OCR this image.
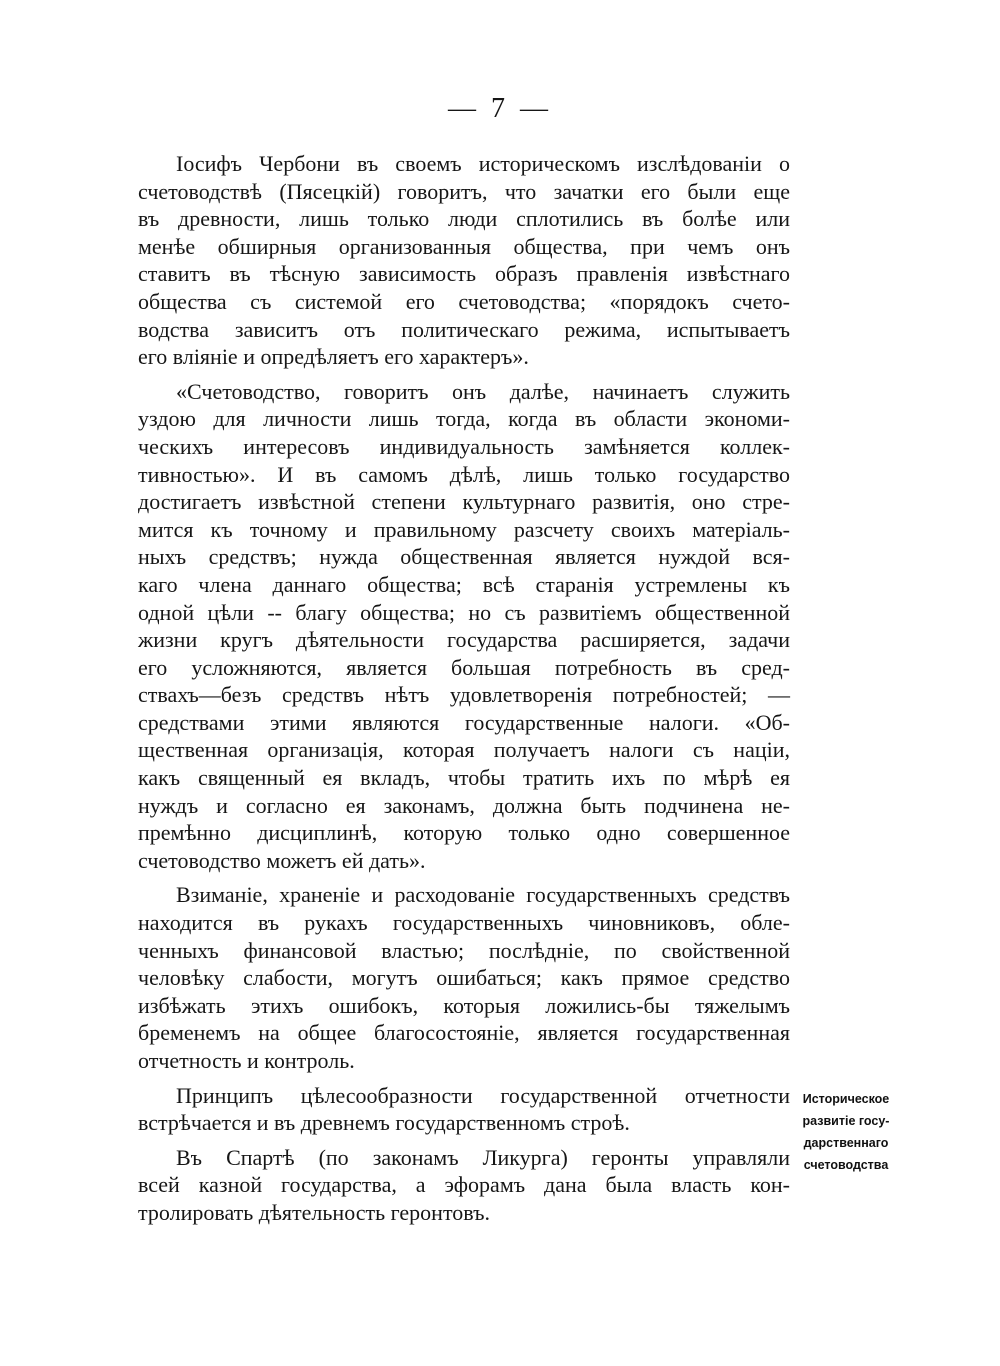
— 7 —
Іосифъ Чербони въ своемъ историческомъ изслѣдованіи о
счетоводствѣ (Пясецкій) говоритъ, что зачатки его были еще
въ древности, лишь только люди сплотились въ болѣе или
менѣе обширныя организованныя общества, при чемъ онъ
ставитъ въ тѣсную зависимость образъ правленія извѣстнаго
общества съ системой его счетоводства; «порядокъ счето-
водства зависитъ отъ политическаго режима, испытываетъ
его вліяніе и опредѣляетъ его характеръ».
«Счетоводство, говоритъ онъ далѣе, начинаетъ служить
уздою для личности лишь тогда, когда въ области экономи-
ческихъ интересовъ индивидуальность замѣняется коллек-
тивностью». И въ самомъ дѣлѣ, лишь только государство
достигаетъ извѣстной степени культурнаго развитія, оно стре-
мится къ точному и правильному разсчету своихъ матеріаль-
ныхъ средствъ; нужда общественная является нуждой вся-
каго члена даннаго общества; всѣ старанія устремлены къ
одной цѣли -- благу общества; но съ развитіемъ общественной
жизни кругъ дѣятельности государства расширяется, задачи
его усложняются, является большая потребность въ сред-
ствахъ—безъ средствъ нѣтъ удовлетворенія потребностей; —
средствами этими являются государственные налоги. «Об-
щественная организація, которая получаетъ налоги съ націи,
какъ священный ея вкладъ, чтобы тратить ихъ по мѣрѣ ея
нуждъ и согласно ея законамъ, должна быть подчинена не-
премѣнно дисциплинѣ, которую только одно совершенное
счетоводство можетъ ей дать».
Взиманіе, храненіе и расходованіе государственныхъ средствъ
находится въ рукахъ государственныхъ чиновниковъ, обле-
ченныхъ финансовой властью; послѣдніе, по свойственной
человѣку слабости, могутъ ошибаться; какъ прямое средство
избѣжать этихъ ошибокъ, которыя ложились-бы тяжелымъ
бременемъ на общее благосостояніе, является государственная
отчетность и контроль.
Принципъ цѣлесообразности государственной отчетности
встрѣчается и въ древнемъ государственномъ строѣ.
Въ Спартѣ (по законамъ Ликурга) геронты управляли
всей казной государства, а эфорамъ дана была власть кон-
тролировать дѣятельность геронтовъ.
Историческое
развитіе госу-
дарственнаго
счетоводства
